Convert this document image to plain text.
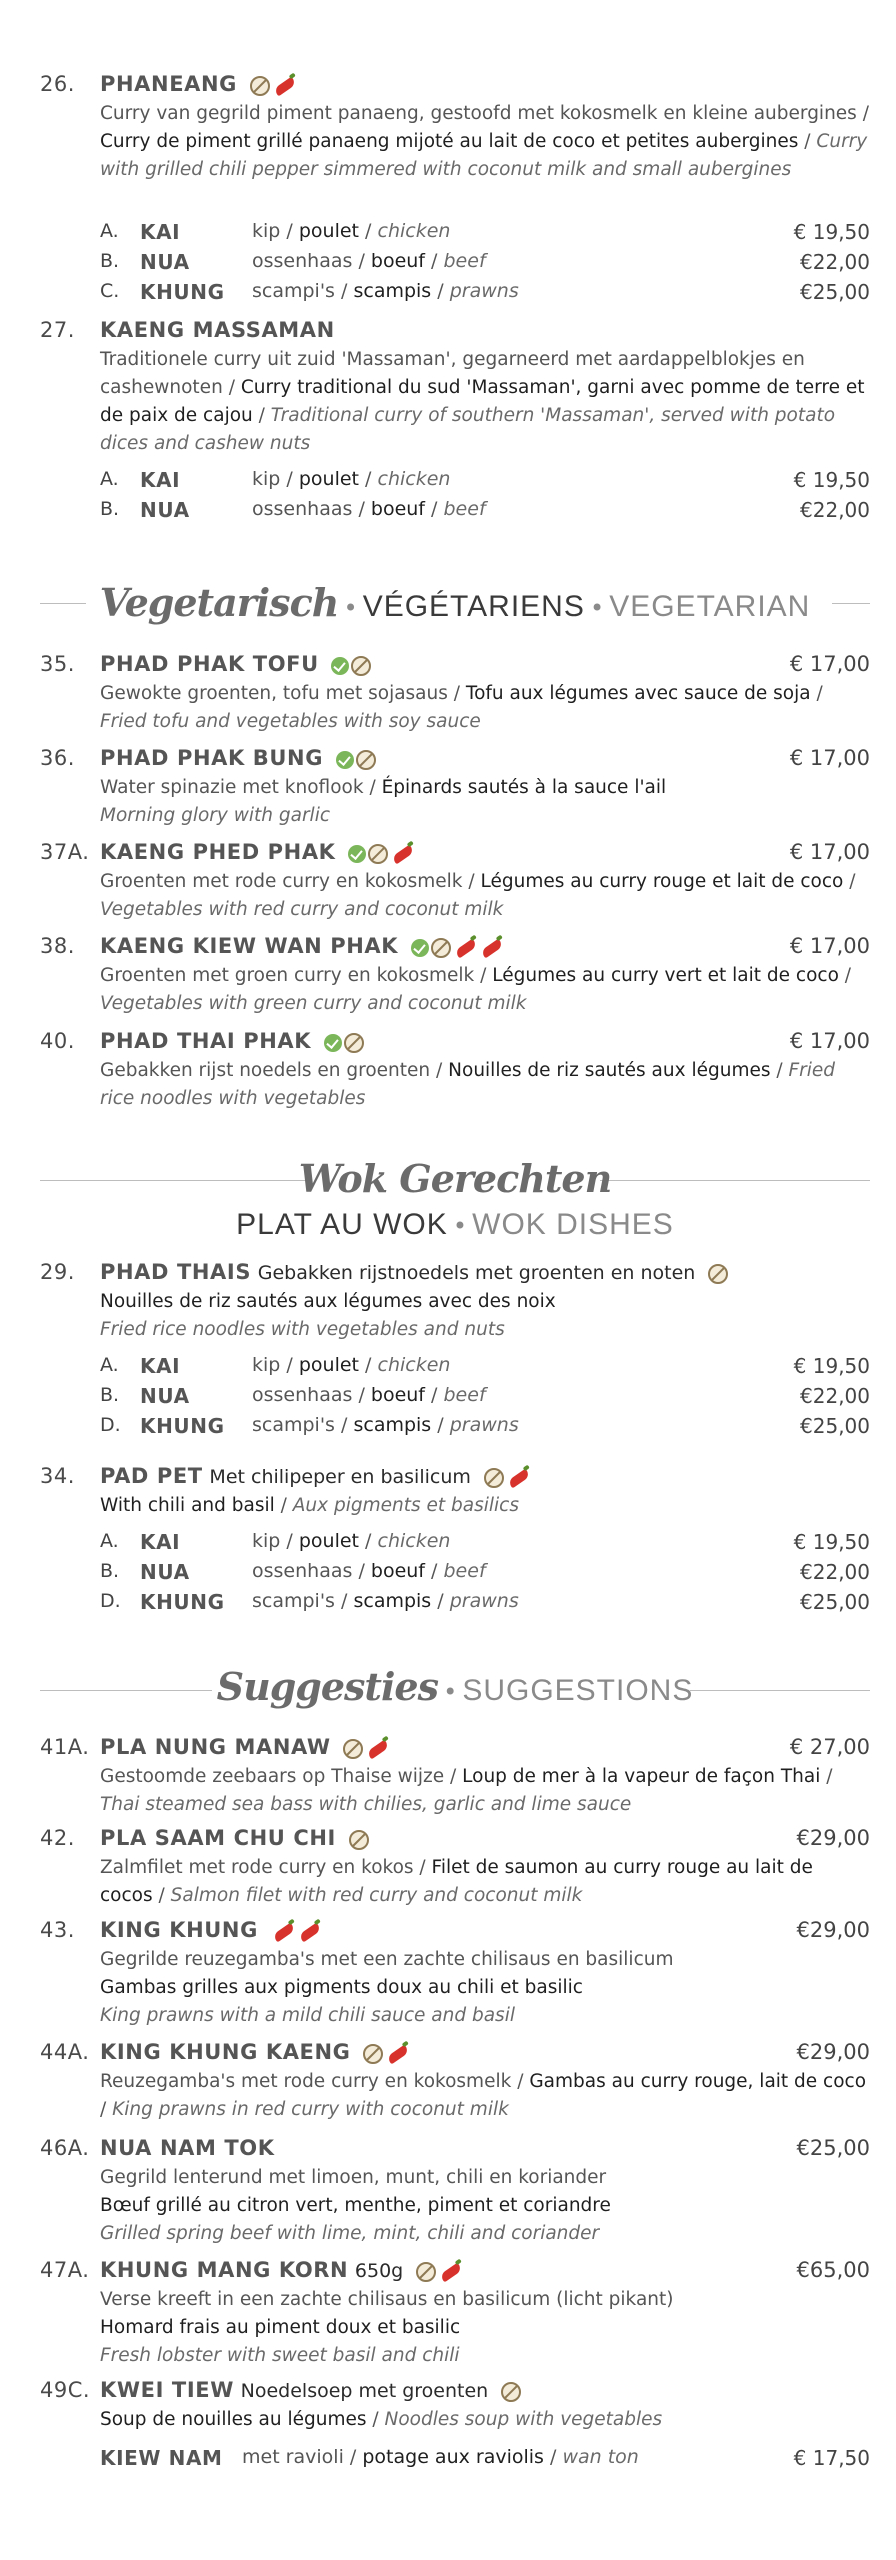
26. PHANEANG
Curry van gegrild piment panaeng, gestoofd met kokosmelk en kleine aubergines / Curry de piment grillé panaeng mijoté au lait de coco et petites aubergines / Curry with grilled chili pepper simmered with coconut milk and small aubergines
A. KAI	kip / poulet / chicken	€ 19,50
B. NUA	ossenhaas / boeuf / beef	€22,00
C. KHUNG scampi's / scampis / prawns	€25,00
27. KAENG MASSAMAN
Traditionele curry uit zuid 'Massaman', gegarneerd met aardappelblokjes en cashewnoten / Curry traditional du sud 'Massaman', garni avec pomme de terre et de paix de cajou / Traditional curry of southern 'Massaman', served with potato dices and cashew nuts
A. KAI	kip / poulet / chicken	€ 19,50
B. NUA	ossenhaas / boeuf / beef	€22,00
Vegetarisch • VÉGÉTARIENS • VEGETARIAN
35. PHAD PHAK TOFU	€ 17,00
Gewokte groenten, tofu met sojasaus / Tofu aux légumes avec sauce de soja / Fried tofu and vegetables with soy sauce
36. PHAD PHAK BUNG	€ 17,00
Water spinazie met knoflook / Épinards sautés à la sauce l'ail
Morning glory with garlic
37A. KAENG PHED PHAK	€ 17,00
Groenten met rode curry en kokosmelk / Légumes au curry rouge et lait de coco / Vegetables with red curry and coconut milk
38. KAENG KIEW WAN PHAK	€ 17,00
Groenten met groen curry en kokosmelk / Légumes au curry vert et lait de coco / Vegetables with green curry and coconut milk
40. PHAD THAI PHAK	€ 17,00
Gebakken rijst noedels en groenten / Nouilles de riz sautés aux légumes / Fried rice noodles with vegetables
Wok Gerechten
PLAT AU WOK • WOK DISHES
29. PHAD THAIS Gebakken rijstnoedels met groenten en noten
Nouilles de riz sautés aux légumes avec des noix
Fried rice noodles with vegetables and nuts
A. KAI	kip / poulet / chicken	€ 19,50
B. NUA	ossenhaas / boeuf / beef	€22,00
D. KHUNG scampi's / scampis / prawns	€25,00
34. PAD PET Met chilipeper en basilicum
With chili and basil / Aux pigments et basilics
A. KAI	kip / poulet / chicken	€ 19,50
B. NUA	ossenhaas / boeuf / beef	€22,00
D. KHUNG scampi's / scampis / prawns	€25,00
Suggesties • SUGGESTIONS
41A. PLA NUNG MANAW	€ 27,00
Gestoomde zeebaars op Thaise wijze / Loup de mer à la vapeur de façon Thai / Thai steamed sea bass with chilies, garlic and lime sauce
42. PLA SAAM CHU CHI	€29,00
Zalmfilet met rode curry en kokos / Filet de saumon au curry rouge au lait de cocos / Salmon filet with red curry and coconut milk
43. KING KHUNG	€29,00
Gegrilde reuzegamba's met een zachte chilisaus en basilicum
Gambas grilles aux pigments doux au chili et basilic
King prawns with a mild chili sauce and basil
44A. KING KHUNG KAENG	€29,00
Reuzegamba's met rode curry en kokosmelk / Gambas au curry rouge, lait de coco / King prawns in red curry with coconut milk
46A. NUA NAM TOK	€25,00
Gegrild lenterund met limoen, munt, chili en koriander
Bœuf grillé au citron vert, menthe, piment et coriandre
Grilled spring beef with lime, mint, chili and coriander
47A. KHUNG MANG KORN 650g	€65,00
Verse kreeft in een zachte chilisaus en basilicum (licht pikant)
Homard frais au piment doux et basilic
Fresh lobster with sweet basil and chili
49C. KWEI TIEW Noedelsoep met groenten
Soup de nouilles au légumes / Noodles soup with vegetables
KIEW NAM met ravioli / potage aux raviolis / wan ton	€ 17,50
